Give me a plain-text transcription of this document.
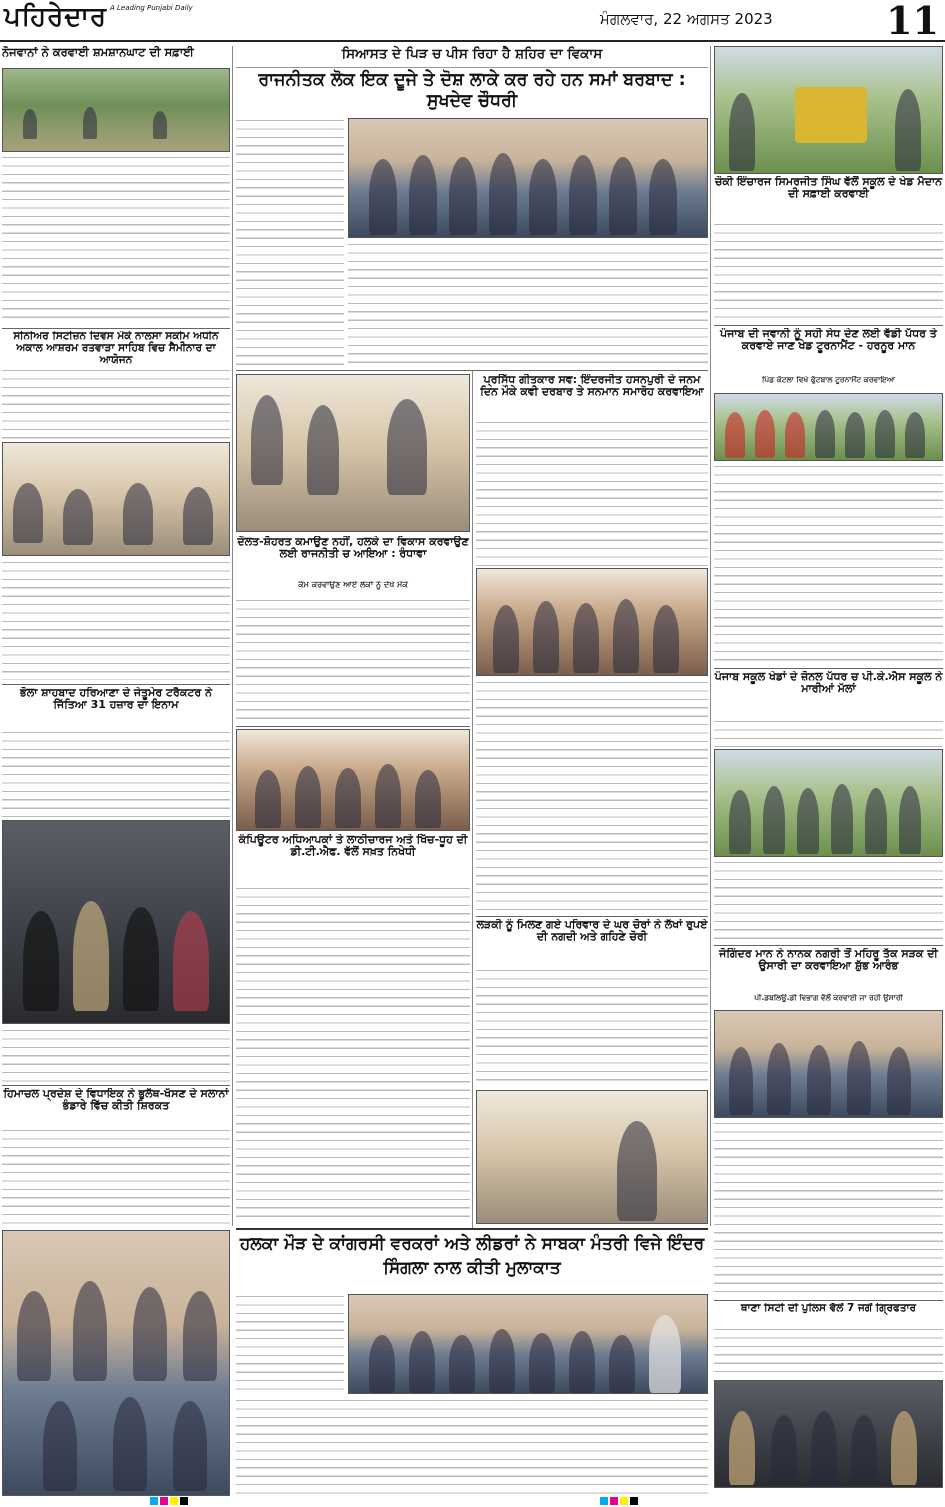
ਪਹਿਰੇਦਾਰ A Leading Punjabi Daily
ਮੰਗਲਵਾਰ, 22 ਅਗਸਤ 2023	11
ਨੋਜਵਾਨਾਂ ਨੇ ਕਰਵਾਈ ਸ਼ਮਸ਼ਾਨਘਾਟ ਦੀ ਸਫ਼ਾਈ
ਸੀਨੀਅਰ ਸਿਟੀਜ਼ਨ ਦਿਵਸ ਮੌਕੇ ਨਾਲਸਾ ਸਕੀਮ ਅਧੀਨ ਅਕਾਲ ਆਸ਼ਰਮ ਰਤਵਾੜਾ ਸਾਹਿਬ ਵਿਚ ਸੈਮੀਨਾਰ ਦਾ ਆਯੋਜਨ
ਭੋਲਾ ਸ਼ਾਹਬਾਦ ਹਰਿਆਣਾ ਦੇ ਜੇਤੂਮੇਰ ਟਰੈਕਟਰ ਨੇ ਜਿੱਤਿਆ 31 ਹਜ਼ਾਰ ਦਾ ਇਨਾਮ
ਹਿਮਾਚਲ ਪ੍ਰਦੇਸ਼ ਦੇ ਵਿਧਾਇਕ ਨੇ ਭੁਲੱਥ-ਖੱਸਣ ਦੇ ਸਲਾਨਾਂ ਭੰਡਾਰੇ ਵਿੱਚ ਕੀਤੀ ਸ਼ਿਰਕਤ
ਸਿਆਸਤ ਦੇ ਪਿੜ ਚ ਪੀਸ ਰਿਹਾ ਹੈ ਸ਼ਹਿਰ ਦਾ ਵਿਕਾਸ
ਰਾਜਨੀਤਕ ਲੋਕ ਇਕ ਦੂਜੇ ਤੇ ਦੋਸ਼ ਲਾਕੇ ਕਰ ਰਹੇ ਹਨ ਸਮਾਂ ਬਰਬਾਦ : ਸੁਖਦੇਵ ਚੌਧਰੀ
ਦੌਲਤ-ਸ਼ੋਹਰਤ ਕਮਾਉਣ ਨਹੀਂ, ਹਲਕੇ ਦਾ ਵਿਕਾਸ ਕਰਵਾਉਣ ਲਈ ਰਾਜਨੀਤੀ ਚ ਆਇਆ : ਰੰਧਾਵਾ
ਕੰਮ ਕਰਵਾਉਣ ਆਏ ਲੋਕਾਂ ਨੂੰ ਦੇਖੋ ਮੌਕੇ
ਕੰਪਿਊਟਰ ਅਧਿਆਪਕਾਂ ਤੇ ਲਾਠੀਚਾਰਜ ਅਤੇ ਖਿੱਚ-ਧੂਹ ਦੀ ਡੀ.ਟੀ.ਐਫ. ਵੱਲੋਂ ਸਖ਼ਤ ਨਿਖੇਧੀ
ਪ੍ਰਸਿੱਧ ਗੀਤਕਾਰ ਸਵ: ਇੰਦਰਜੀਤ ਹਸਨਪੁਰੀ ਦੇ ਜਨਮ ਦਿਨ ਮੌਕੇ ਕਵੀ ਦਰਬਾਰ ਤੇ ਸਨਮਾਨ ਸਮਾਰੋਹ ਕਰਵਾਇਆ
ਲੜਕੀ ਨੂੰ ਮਿਲਣ ਗਏ ਪਰਿਵਾਰ ਦੇ ਘਰ ਚੋਰਾਂ ਨੇ ਲੱਖਾਂ ਰੁਪਏ ਦੀ ਨਗਦੀ ਅਤੇ ਗਹਿਣੇ ਚੋਰੀ
ਚੌਕੀ ਇੰਚਾਰਜ ਸਿਮਰਜੀਤ ਸਿੰਘ ਵੱਲੋਂ ਸਕੂਲ ਦੇ ਖੇਡ ਮੈਦਾਨ ਦੀ ਸਫ਼ਾਈ ਕਰਵਾਈ
ਪੰਜਾਬ ਦੀ ਜਵਾਨੀ ਨੂੰ ਸਹੀ ਸੇਧ ਦੇਣ ਲਈ ਵੱਡੀ ਪੱਧਰ ਤੇ ਕਰਵਾਏ ਜਾਣ ਖੇਡ ਟੂਰਨਾਮੈਂਟ - ਹਰਨੂਰ ਮਾਨ
ਪਿੰਡ ਕੋਟਲਾ ਵਿਖੇ ਫੁੱਟਬਾਲ ਟੂਰਨਾਮੈਂਟ ਕਰਵਾਇਆ
ਪੰਜਾਬ ਸਕੂਲ ਖੇਡਾਂ ਦੇ ਜ਼ੋਨਲ ਪੱਧਰ ਚ ਪੀ.ਕੇ.ਐਸ ਸਕੂਲ ਨੇ ਮਾਰੀਆਂ ਮੱਲਾਂ
ਜੋਗਿੰਦਰ ਮਾਨ ਨੇ ਨਾਨਕ ਨਗਰੀ ਤੋਂ ਮਹਿਰੂ ਤੱਕ ਸੜਕ ਦੀ ਉਸਾਰੀ ਦਾ ਕਰਵਾਇਆ ਸ਼ੁੱਭ ਆਰੰਭ
ਪੀ.ਡਬਲਿਊ.ਡੀ ਵਿਭਾਗ ਵੱਲੋਂ ਕਰਵਾਈ ਜਾ ਰਹੀ ਉਸਾਰੀ
ਥਾਣਾ ਸਿਟੀ ਦੀ ਪੁਲਿਸ ਵੱਲੋਂ 7 ਜਗੋਂ ਗ੍ਰਿਫਤਾਰ
ਹਲਕਾ ਮੌੜ ਦੇ ਕਾਂਗਰਸੀ ਵਰਕਰਾਂ ਅਤੇ ਲੀਡਰਾਂ ਨੇ ਸਾਬਕਾ ਮੰਤਰੀ ਵਿਜੇ ਇੰਦਰ ਸਿੰਗਲਾ ਨਾਲ ਕੀਤੀ ਮੁਲਾਕਾਤ
